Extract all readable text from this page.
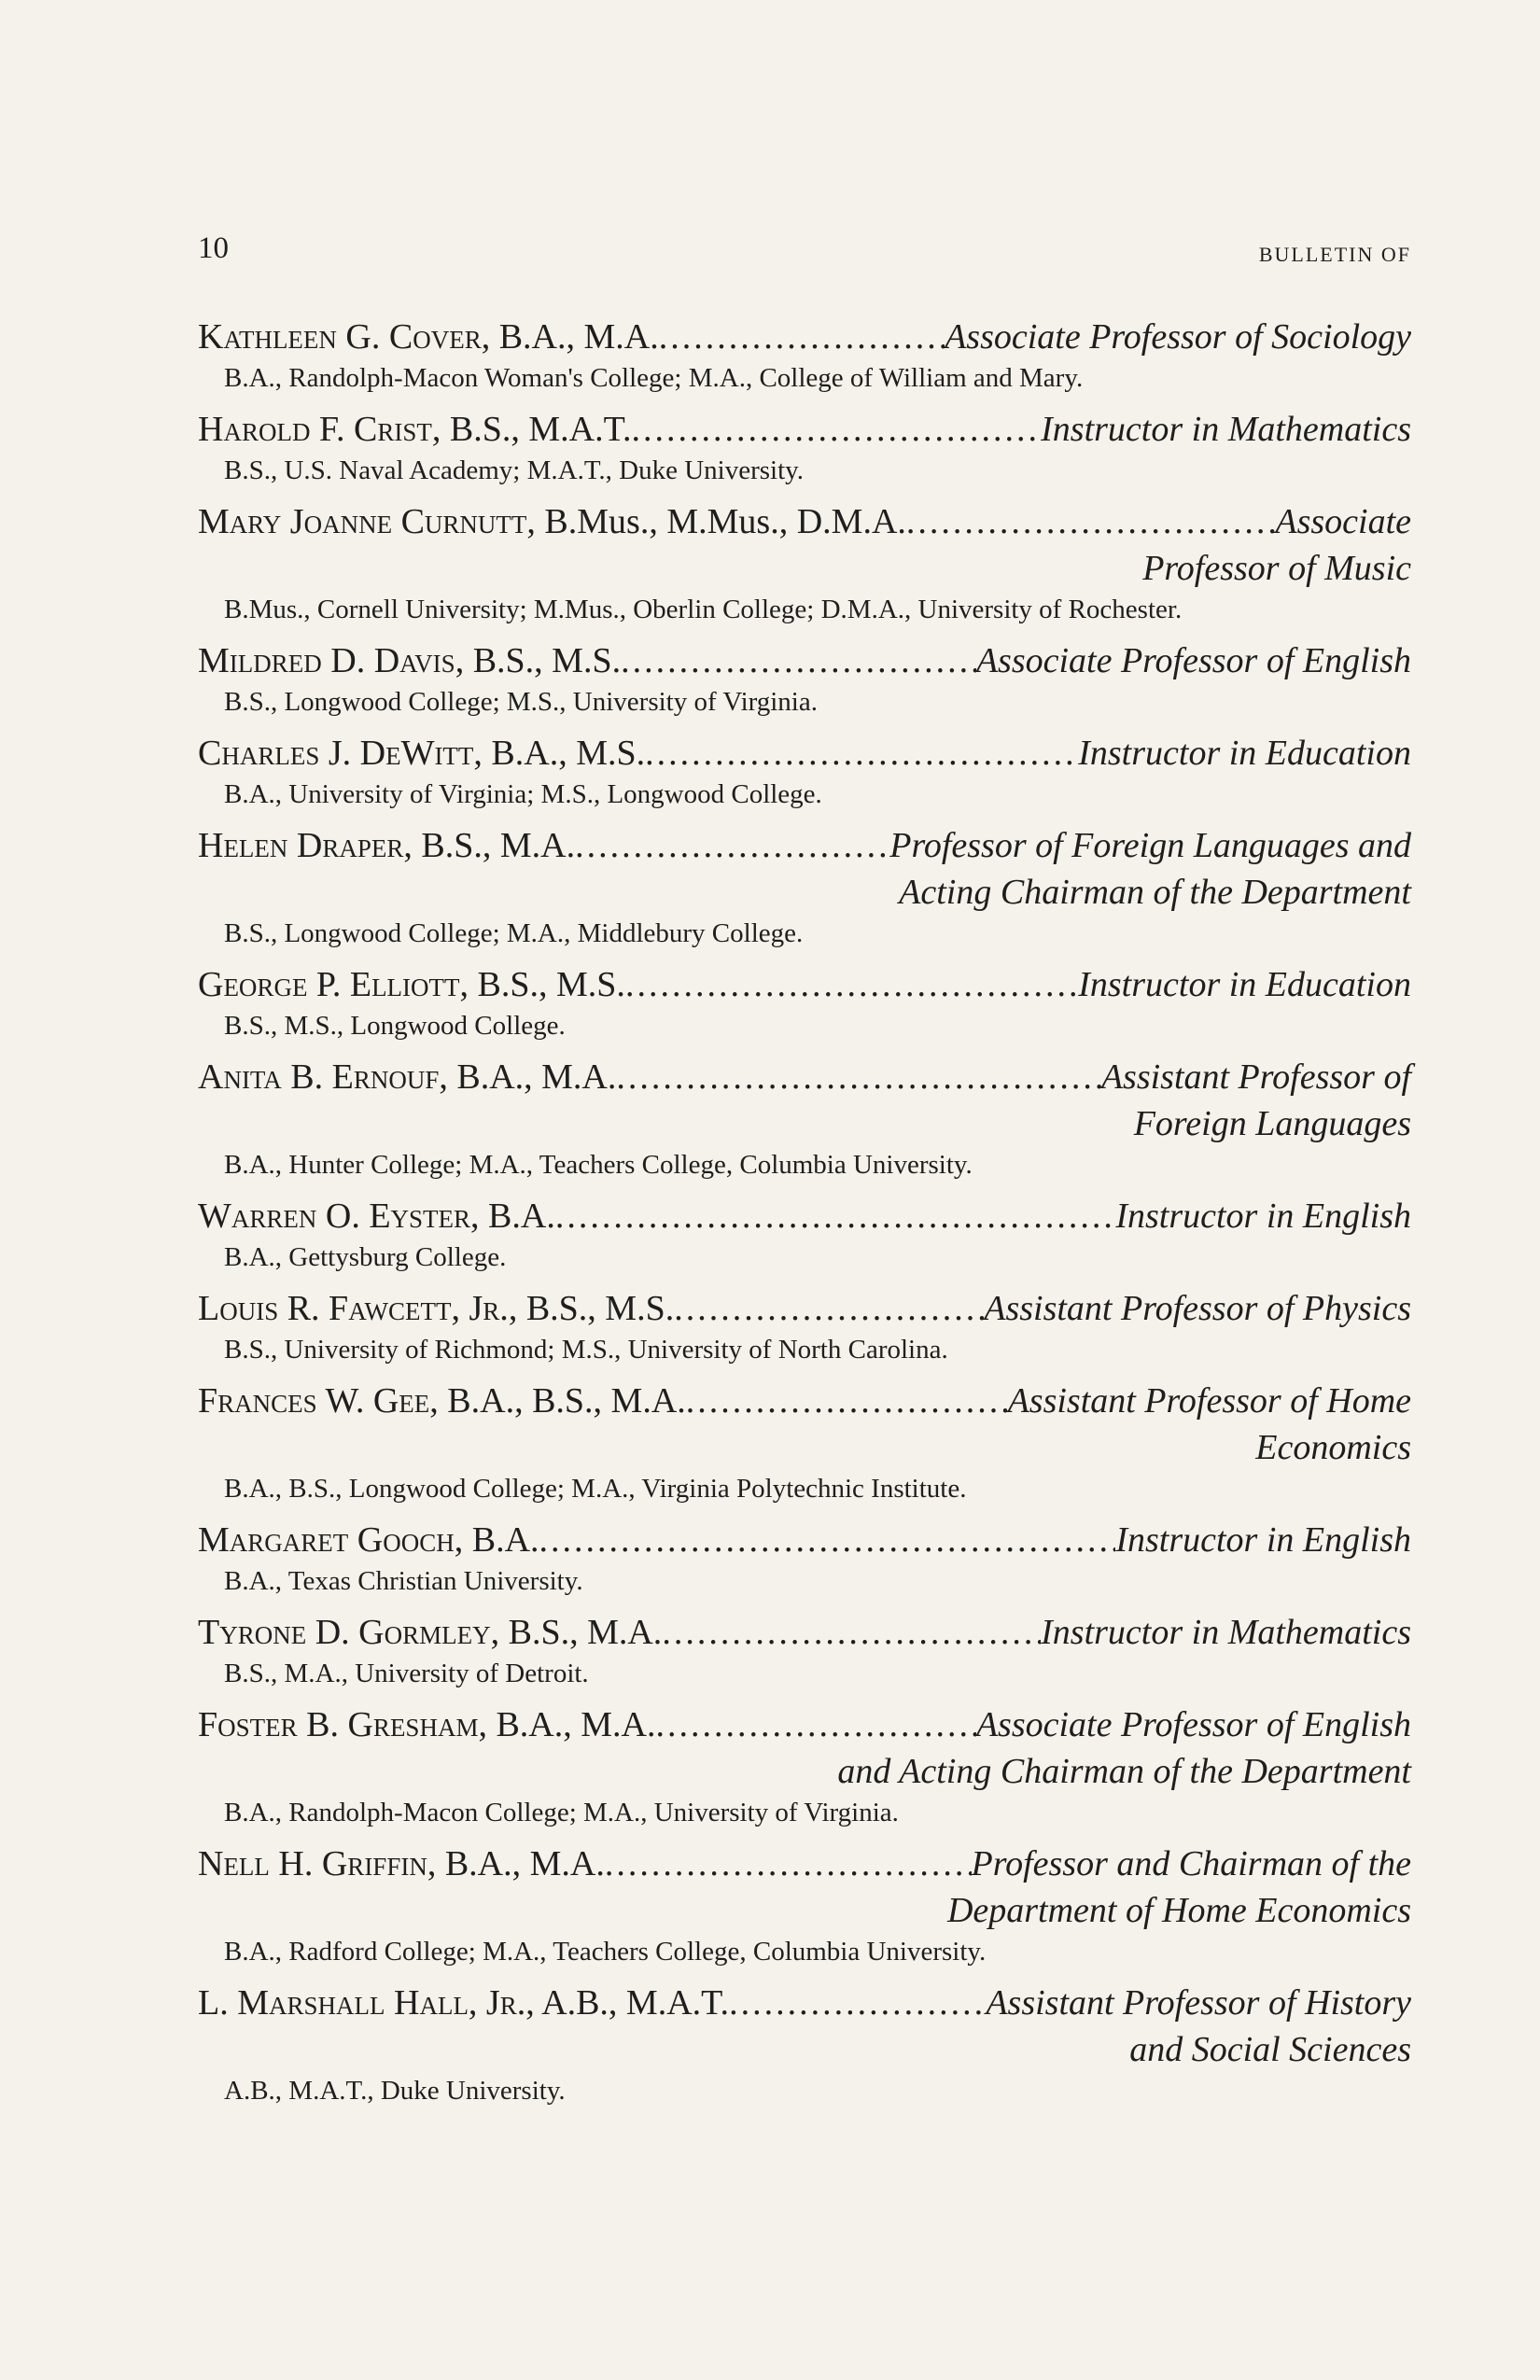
10	BULLETIN OF
Kathleen G. Cover , B.A., M.A. .....	Associate Professor of Sociology
B.A., Randolph-Macon Woman's College; M.A., College of William and Mary.
Harold F. Crist , B.S., M.A.T. .....	Instructor in Mathematics
B.S., U.S. Naval Academy; M.A.T., Duke University.
Mary Joanne Curnutt , B.Mus., M.Mus., D.M.A. .....	Associate
Professor of Music
B.Mus., Cornell University; M.Mus., Oberlin College; D.M.A., University of Rochester.
Mildred D. Davis , B.S., M.S. .....	Associate Professor of English
B.S., Longwood College; M.S., University of Virginia.
Charles J. DeWitt , B.A., M.S. .....	Instructor in Education
B.A., University of Virginia; M.S., Longwood College.
Helen Draper , B.S., M.A. .....	Professor of Foreign Languages and
Acting Chairman of the Department
B.S., Longwood College; M.A., Middlebury College.
George P. Elliott , B.S., M.S. .....	Instructor in Education
B.S., M.S., Longwood College.
Anita B. Ernouf , B.A., M.A. .....	Assistant Professor of
Foreign Languages
B.A., Hunter College; M.A., Teachers College, Columbia University.
Warren O. Eyster , B.A. .....	Instructor in English
B.A., Gettysburg College.
Louis R. Fawcett, Jr. , B.S., M.S. .....	Assistant Professor of Physics
B.S., University of Richmond; M.S., University of North Carolina.
Frances W. Gee , B.A., B.S., M.A. .....	Assistant Professor of Home
Economics
B.A., B.S., Longwood College; M.A., Virginia Polytechnic Institute.
Margaret Gooch , B.A. .....	Instructor in English
B.A., Texas Christian University.
Tyrone D. Gormley , B.S., M.A. .....	Instructor in Mathematics
B.S., M.A., University of Detroit.
Foster B. Gresham , B.A., M.A. .....	Associate Professor of English
and Acting Chairman of the Department
B.A., Randolph-Macon College; M.A., University of Virginia.
Nell H. Griffin , B.A., M.A. .....	Professor and Chairman of the
Department of Home Economics
B.A., Radford College; M.A., Teachers College, Columbia University.
L. Marshall Hall, Jr. , A.B., M.A.T. .....	Assistant Professor of History
and Social Sciences
A.B., M.A.T., Duke University.
